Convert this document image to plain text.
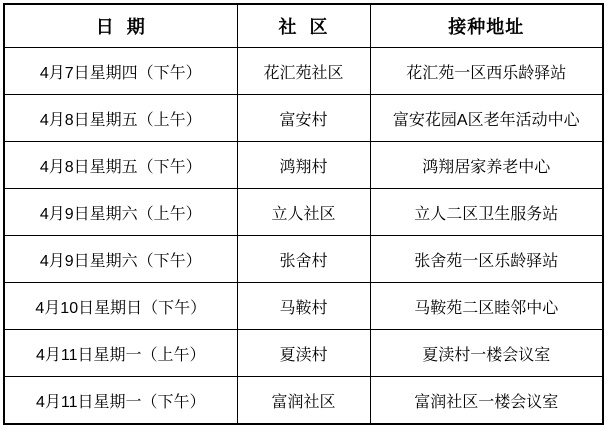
日  期	社  区	接种地址
4月7日星期四（下午）	花汇苑社区	花汇苑一区西乐龄驿站
4月8日星期五（上午）	富安村	富安花园A区老年活动中心
4月8日星期五（下午）	鸿翔村	鸿翔居家养老中心
4月9日星期六（上午）	立人社区	立人二区卫生服务站
4月9日星期六（下午）	张舍村	张舍苑一区乐龄驿站
4月10日星期日（下午）	马鞍村	马鞍苑二区睦邻中心
4月11日星期一（上午）	夏渎村	夏渎村一楼会议室
4月11日星期一（下午）	富润社区	富润社区一楼会议室
